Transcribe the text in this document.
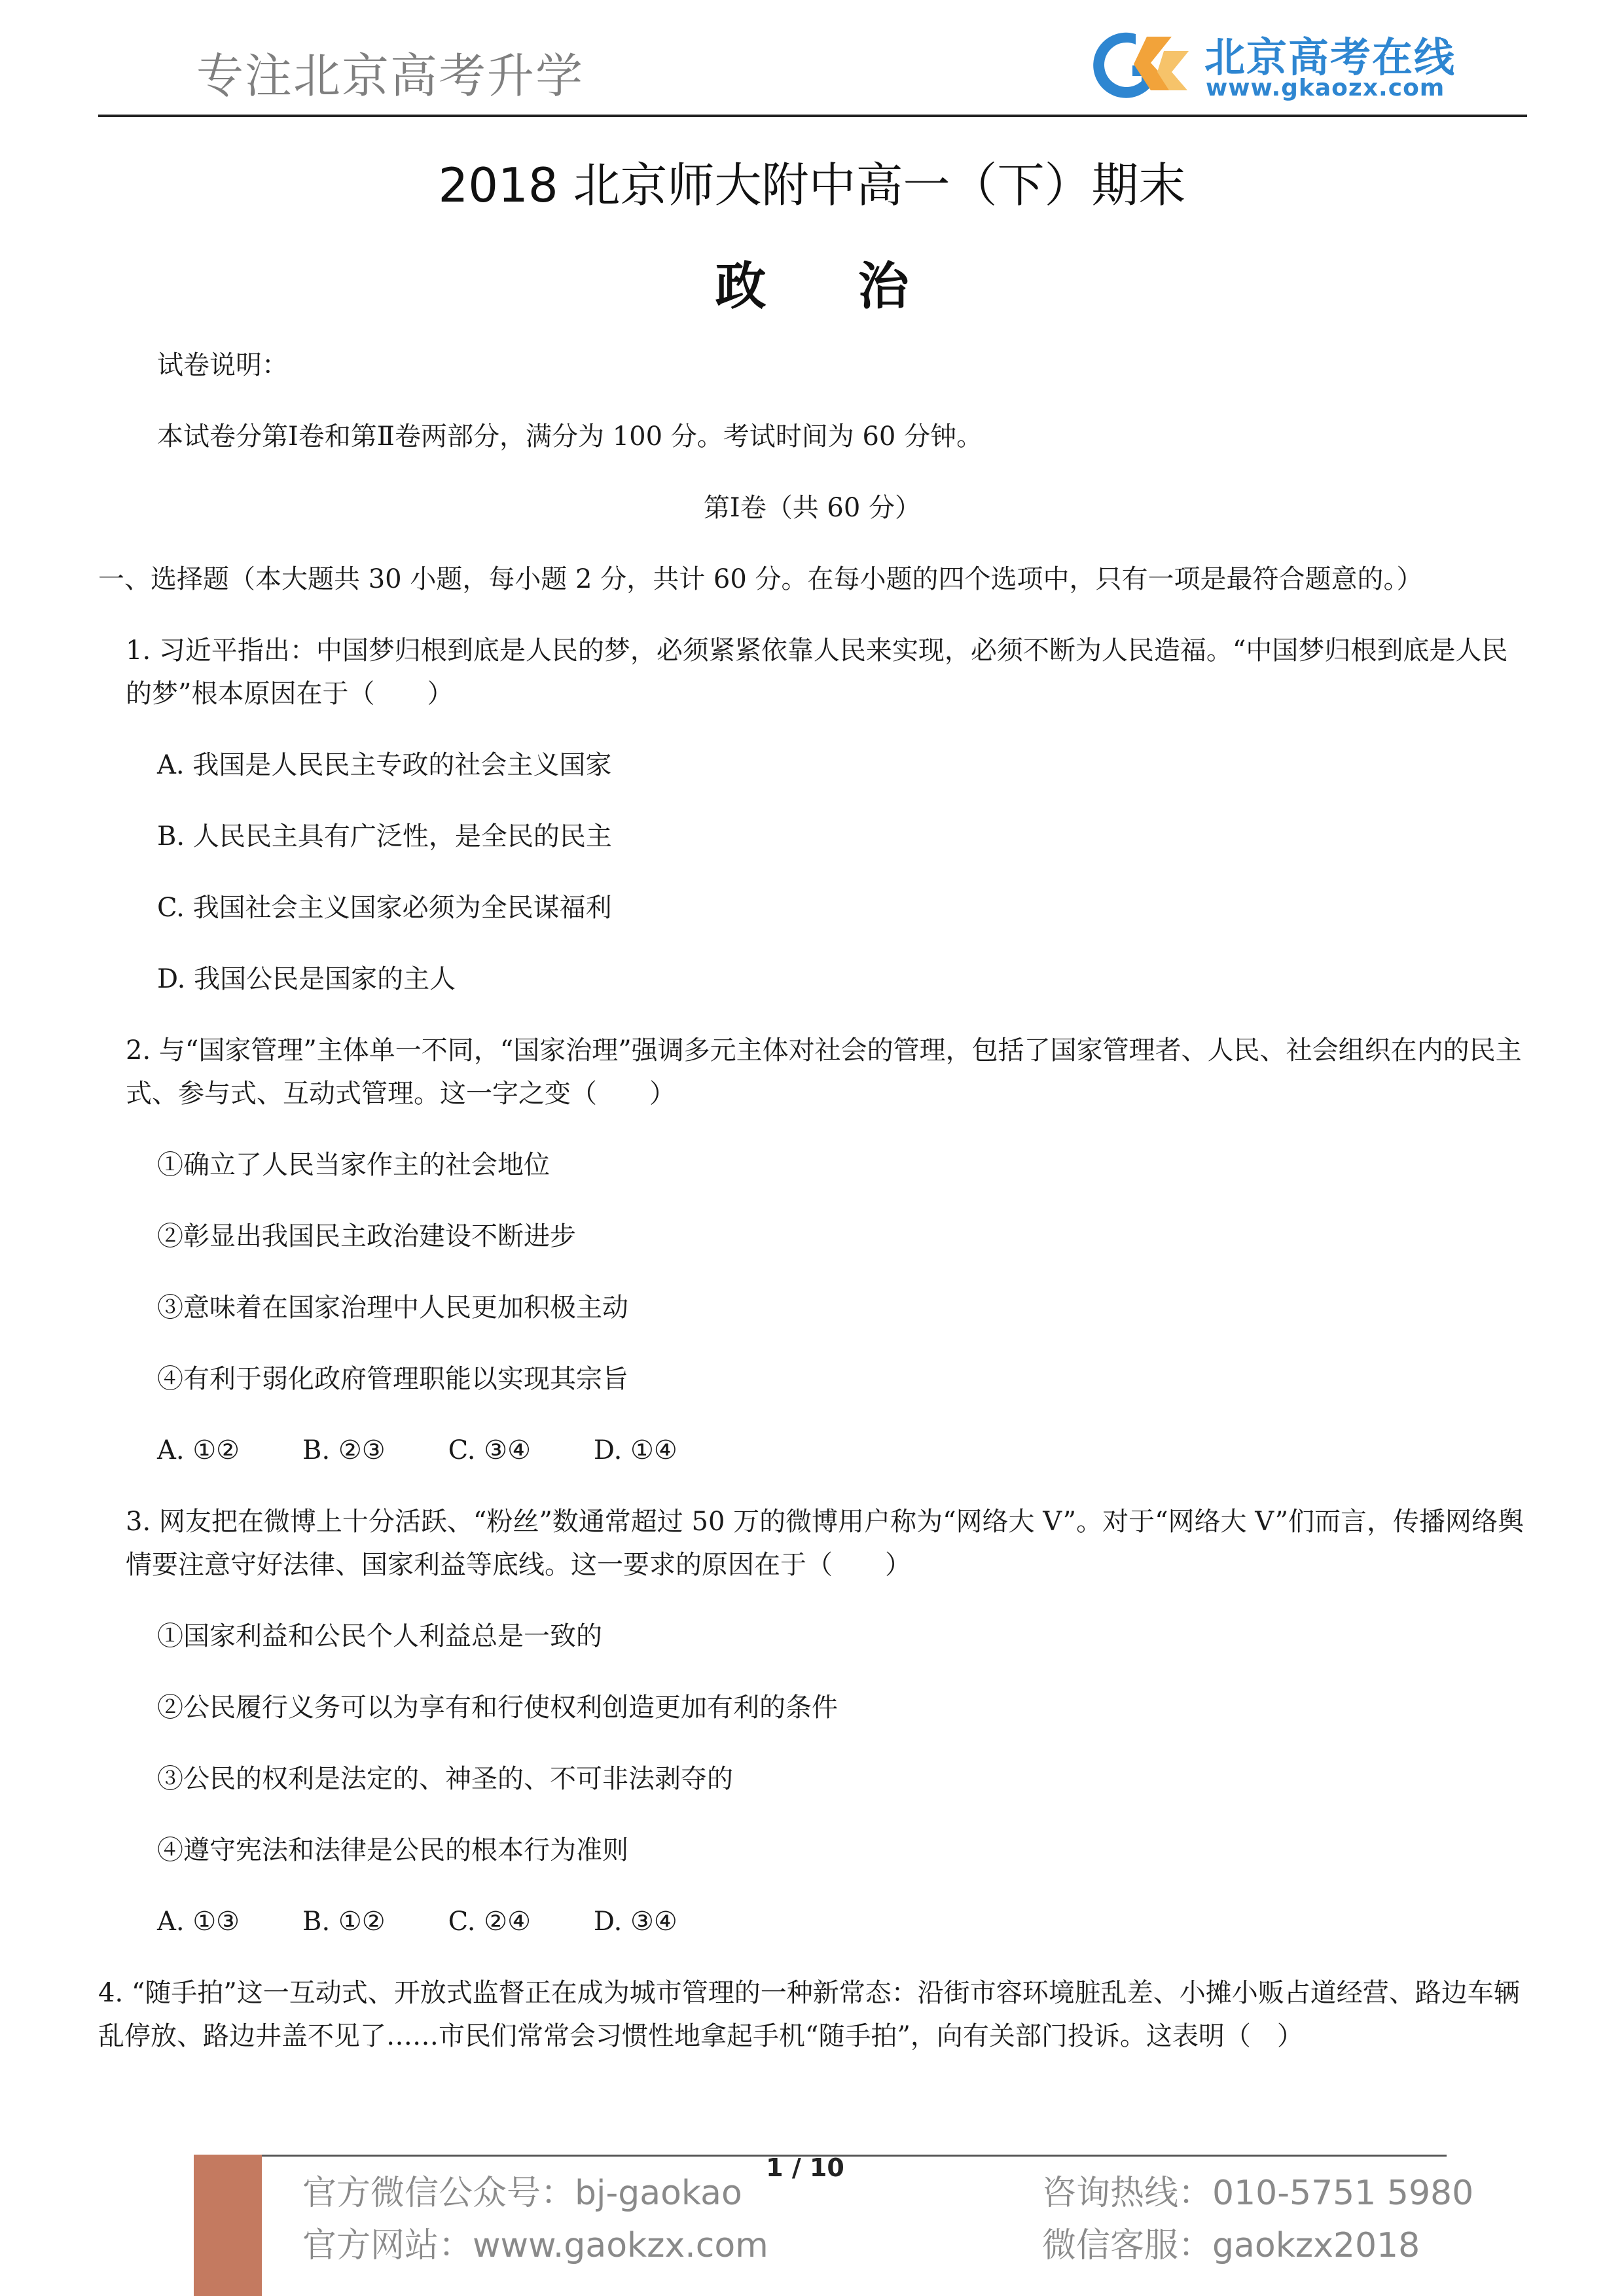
专注北京高考升学	北京高考在线
www.gkaozx.com
2018 北京师大附中高一（下）期末
政治
试卷说明：
本试卷分第Ⅰ卷和第Ⅱ卷两部分，满分为 100 分。考试时间为 60 分钟。
第Ⅰ卷（共 60 分）
一、选择题（本大题共 30 小题，每小题 2 分，共计 60 分。在每小题的四个选项中，只有一项是最符合题意的。）
1. 习近平指出：中国梦归根到底是人民的梦，必须紧紧依靠人民来实现，必须不断为人民造福。“中国梦归根到底是人民的梦”根本原因在于（　　）
A. 我国是人民民主专政的社会主义国家
B. 人民民主具有广泛性，是全民的民主
C. 我国社会主义国家必须为全民谋福利
D. 我国公民是国家的主人
2. 与“国家管理”主体单一不同，“国家治理”强调多元主体对社会的管理，包括了国家管理者、人民、社会组织在内的民主式、参与式、互动式管理。这一字之变（　　）
①确立了人民当家作主的社会地位
②彰显出我国民主政治建设不断进步
③意味着在国家治理中人民更加积极主动
④有利于弱化政府管理职能以实现其宗旨
A. ①② B. ②③ C. ③④ D. ①④
3. 网友把在微博上十分活跃、“粉丝”数通常超过 50 万的微博用户称为“网络大 V”。对于“网络大 V”们而言，传播网络舆情要注意守好法律、国家利益等底线。这一要求的原因在于（　　）
①国家利益和公民个人利益总是一致的
②公民履行义务可以为享有和行使权利创造更加有利的条件
③公民的权利是法定的、神圣的、不可非法剥夺的
④遵守宪法和法律是公民的根本行为准则
A. ①③ B. ①② C. ②④ D. ③④
4. “随手拍”这一互动式、开放式监督正在成为城市管理的一种新常态：沿街市容环境脏乱差、小摊小贩占道经营、路边车辆乱停放、路边井盖不见了……市民们常常会习惯性地拿起手机“随手拍”，向有关部门投诉。这表明（　）
1 / 10
官方微信公众号：bj-gaokao
官方网站：www.gaokzx.com
咨询热线：010-5751 5980
微信客服：gaokzx2018
